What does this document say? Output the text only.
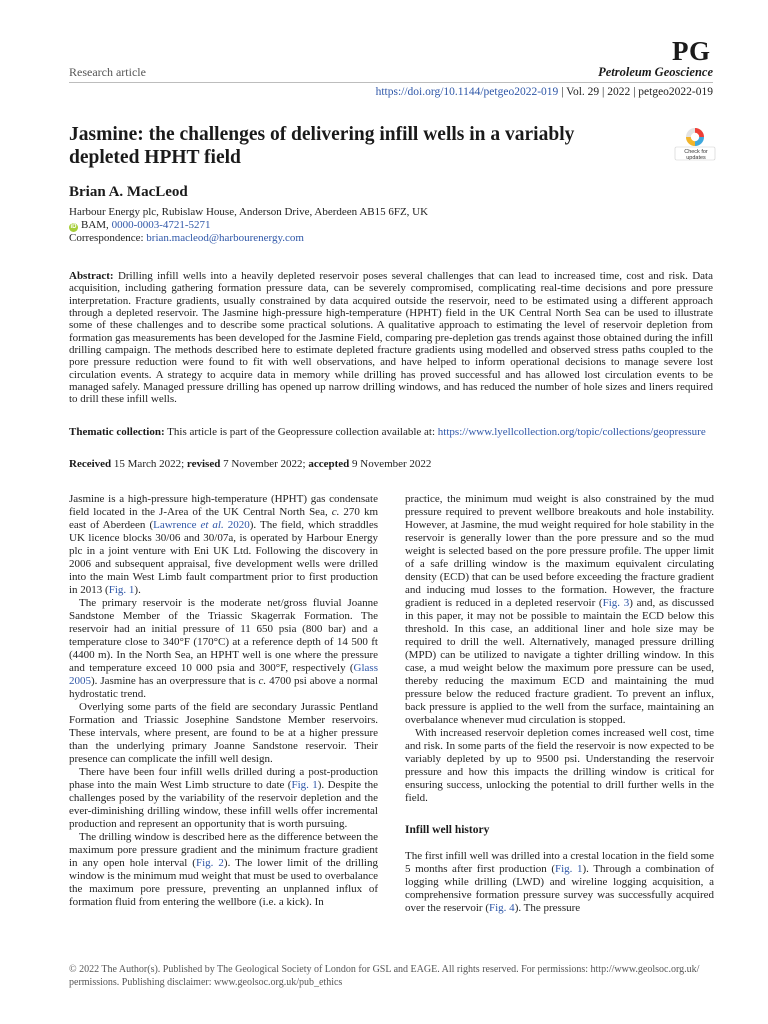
PG
Research article	Petroleum Geoscience
https://doi.org/10.1144/petgeo2022-019 | Vol. 29 | 2022 | petgeo2022-019
Jasmine: the challenges of delivering infill wells in a variably depleted HPHT field	Check for updates
Brian A. MacLeod
Harbour Energy plc, Rubislaw House, Anderson Drive, Aberdeen AB15 6FZ, UK
iD BAM, 0000-0003-4721-5271
Correspondence: brian.macleod@harbourenergy.com
Abstract: Drilling infill wells into a heavily depleted reservoir poses several challenges that can lead to increased time, cost and risk. Data acquisition, including gathering formation pressure data, can be severely compromised, complicating real-time decisions and pore pressure interpretation. Fracture gradients, usually constrained by data acquired outside the reservoir, need to be estimated using a different approach through a depleted reservoir. The Jasmine high-pressure high-temperature (HPHT) field in the UK Central North Sea can be used to illustrate some of these challenges and to describe some practical solutions. A qualitative approach to estimating the level of reservoir depletion from formation gas measurements has been developed for the Jasmine Field, comparing pre-depletion gas trends against those obtained during the infill drilling campaign. The methods described here to estimate depleted fracture gradients using modelled and observed stress paths coupled to the pore pressure reduction were found to fit with well observations, and have helped to inform operational decisions to manage severe lost circulation events. A strategy to acquire data in memory while drilling has proved successful and has allowed lost circulation events to be managed safely. Managed pressure drilling has opened up narrow drilling windows, and has reduced the number of hole sizes and liners required to drill these infill wells.
Thematic collection: This article is part of the Geopressure collection available at: https://www.lyellcollection.org/topic/collections/geopressure
Received 15 March 2022; revised 7 November 2022; accepted 9 November 2022

Jasmine is a high-pressure high-temperature (HPHT) gas condensate field located in the J-Area of the UK Central North Sea, c. 270 km east of Aberdeen (Lawrence et al. 2020). The field, which straddles UK licence blocks 30/06 and 30/07a, is operated by Harbour Energy plc in a joint venture with Eni UK Ltd. Following the discovery in 2006 and subsequent appraisal, five development wells were drilled into the main West Limb fault compartment prior to first production in 2013 (Fig. 1).

The primary reservoir is the moderate net/gross fluvial Joanne Sandstone Member of the Triassic Skagerrak Formation. The reservoir had an initial pressure of 11 650 psia (800 bar) and a temperature close to 340°F (170°C) at a reference depth of 14 500 ft (4400 m). In the North Sea, an HPHT well is one where the pressure and temperature exceed 10 000 psia and 300°F, respectively (Glass 2005). Jasmine has an overpressure that is c. 4700 psi above a normal hydrostatic trend.

Overlying some parts of the field are secondary Jurassic Pentland Formation and Triassic Josephine Sandstone Member reservoirs. These intervals, where present, are found to be at a higher pressure than the underlying primary Joanne Sandstone reservoir. Their presence can complicate the infill well design.

There have been four infill wells drilled during a post-production phase into the main West Limb structure to date (Fig. 1). Despite the challenges posed by the variability of the reservoir depletion and the ever-diminishing drilling window, these infill wells offer incremental production and represent an opportunity that is worth pursuing.

The drilling window is described here as the difference between the maximum pore pressure gradient and the minimum fracture gradient in any open hole interval (Fig. 2). The lower limit of the drilling window is the minimum mud weight that must be used to overbalance the maximum pore pressure, preventing an unplanned influx of formation fluid from entering the wellbore (i.e. a kick). In

practice, the minimum mud weight is also constrained by the mud pressure required to prevent wellbore breakouts and hole instability. However, at Jasmine, the mud weight required for hole stability in the reservoir is generally lower than the pore pressure and so the mud weight is selected based on the pore pressure profile. The upper limit of a safe drilling window is the maximum equivalent circulating density (ECD) that can be used before exceeding the fracture gradient and inducing mud losses to the formation. However, the fracture gradient is reduced in a depleted reservoir (Fig. 3) and, as discussed in this paper, it may not be possible to maintain the ECD below this threshold. In this case, an additional liner and hole size may be required to drill the well. Alternatively, managed pressure drilling (MPD) can be utilized to navigate a tighter drilling window. In this case, a mud weight below the maximum pore pressure can be used, thereby reducing the maximum ECD and maintaining the mud pressure below the reduced fracture gradient. To prevent an influx, back pressure is applied to the well from the surface, maintaining an overbalance whenever mud circulation is stopped.

With increased reservoir depletion comes increased well cost, time and risk. In some parts of the field the reservoir is now expected to be variably depleted by up to 9500 psi. Understanding the reservoir pressure and how this impacts the drilling window is critical for ensuring success, unlocking the potential to drill further wells in the field.

Infill well history

The first infill well was drilled into a crestal location in the field some 5 months after first production (Fig. 1). Through a combination of logging while drilling (LWD) and wireline logging acquisition, a comprehensive formation pressure survey was successfully acquired over the reservoir (Fig. 4). The pressure

© 2022 The Author(s). Published by The Geological Society of London for GSL and EAGE. All rights reserved. For permissions: http://www.geolsoc.org.uk/
permissions. Publishing disclaimer: www.geolsoc.org.uk/pub_ethics
